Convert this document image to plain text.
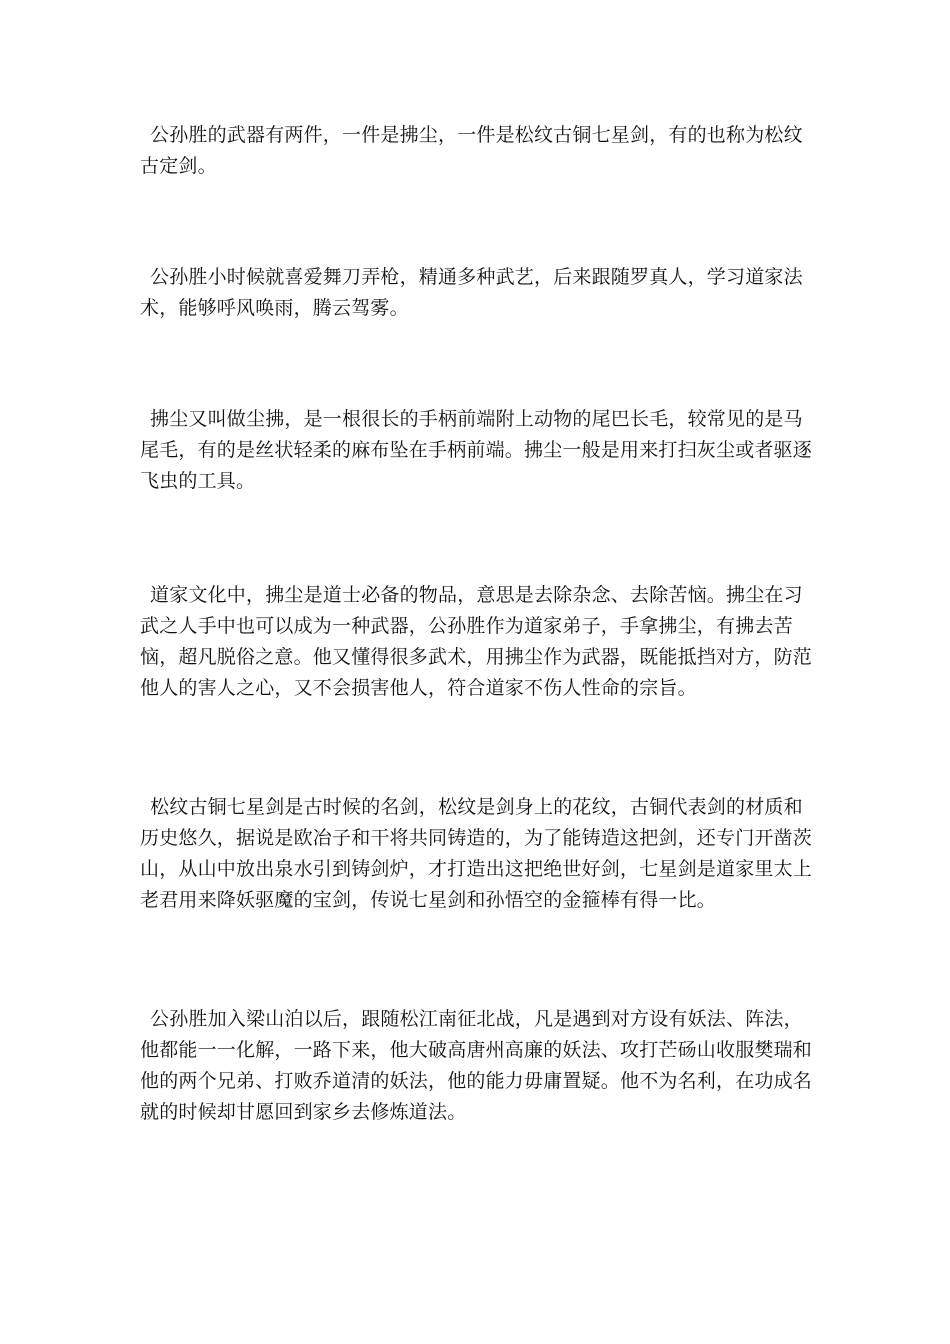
公孙胜的武器有两件，一件是拂尘，一件是松纹古铜七星剑，有的也称为松纹古定剑。

公孙胜小时候就喜爱舞刀弄枪，精通多种武艺，后来跟随罗真人，学习道家法术，能够呼风唤雨，腾云驾雾。

拂尘又叫做尘拂，是一根很长的手柄前端附上动物的尾巴长毛，较常见的是马尾毛，有的是丝状轻柔的麻布坠在手柄前端。拂尘一般是用来打扫灰尘或者驱逐飞虫的工具。

道家文化中，拂尘是道士必备的物品，意思是去除杂念、去除苦恼。拂尘在习武之人手中也可以成为一种武器，公孙胜作为道家弟子，手拿拂尘，有拂去苦恼，超凡脱俗之意。他又懂得很多武术，用拂尘作为武器，既能抵挡对方，防范他人的害人之心，又不会损害他人，符合道家不伤人性命的宗旨。

松纹古铜七星剑是古时候的名剑，松纹是剑身上的花纹，古铜代表剑的材质和历史悠久，据说是欧冶子和干将共同铸造的，为了能铸造这把剑，还专门开凿茨山，从山中放出泉水引到铸剑炉，才打造出这把绝世好剑，七星剑是道家里太上老君用来降妖驱魔的宝剑，传说七星剑和孙悟空的金箍棒有得一比。

公孙胜加入梁山泊以后，跟随松江南征北战，凡是遇到对方设有妖法、阵法，他都能一一化解，一路下来，他大破高唐州高廉的妖法、攻打芒砀山收服樊瑞和他的两个兄弟、打败乔道清的妖法，他的能力毋庸置疑。他不为名利，在功成名就的时候却甘愿回到家乡去修炼道法。
